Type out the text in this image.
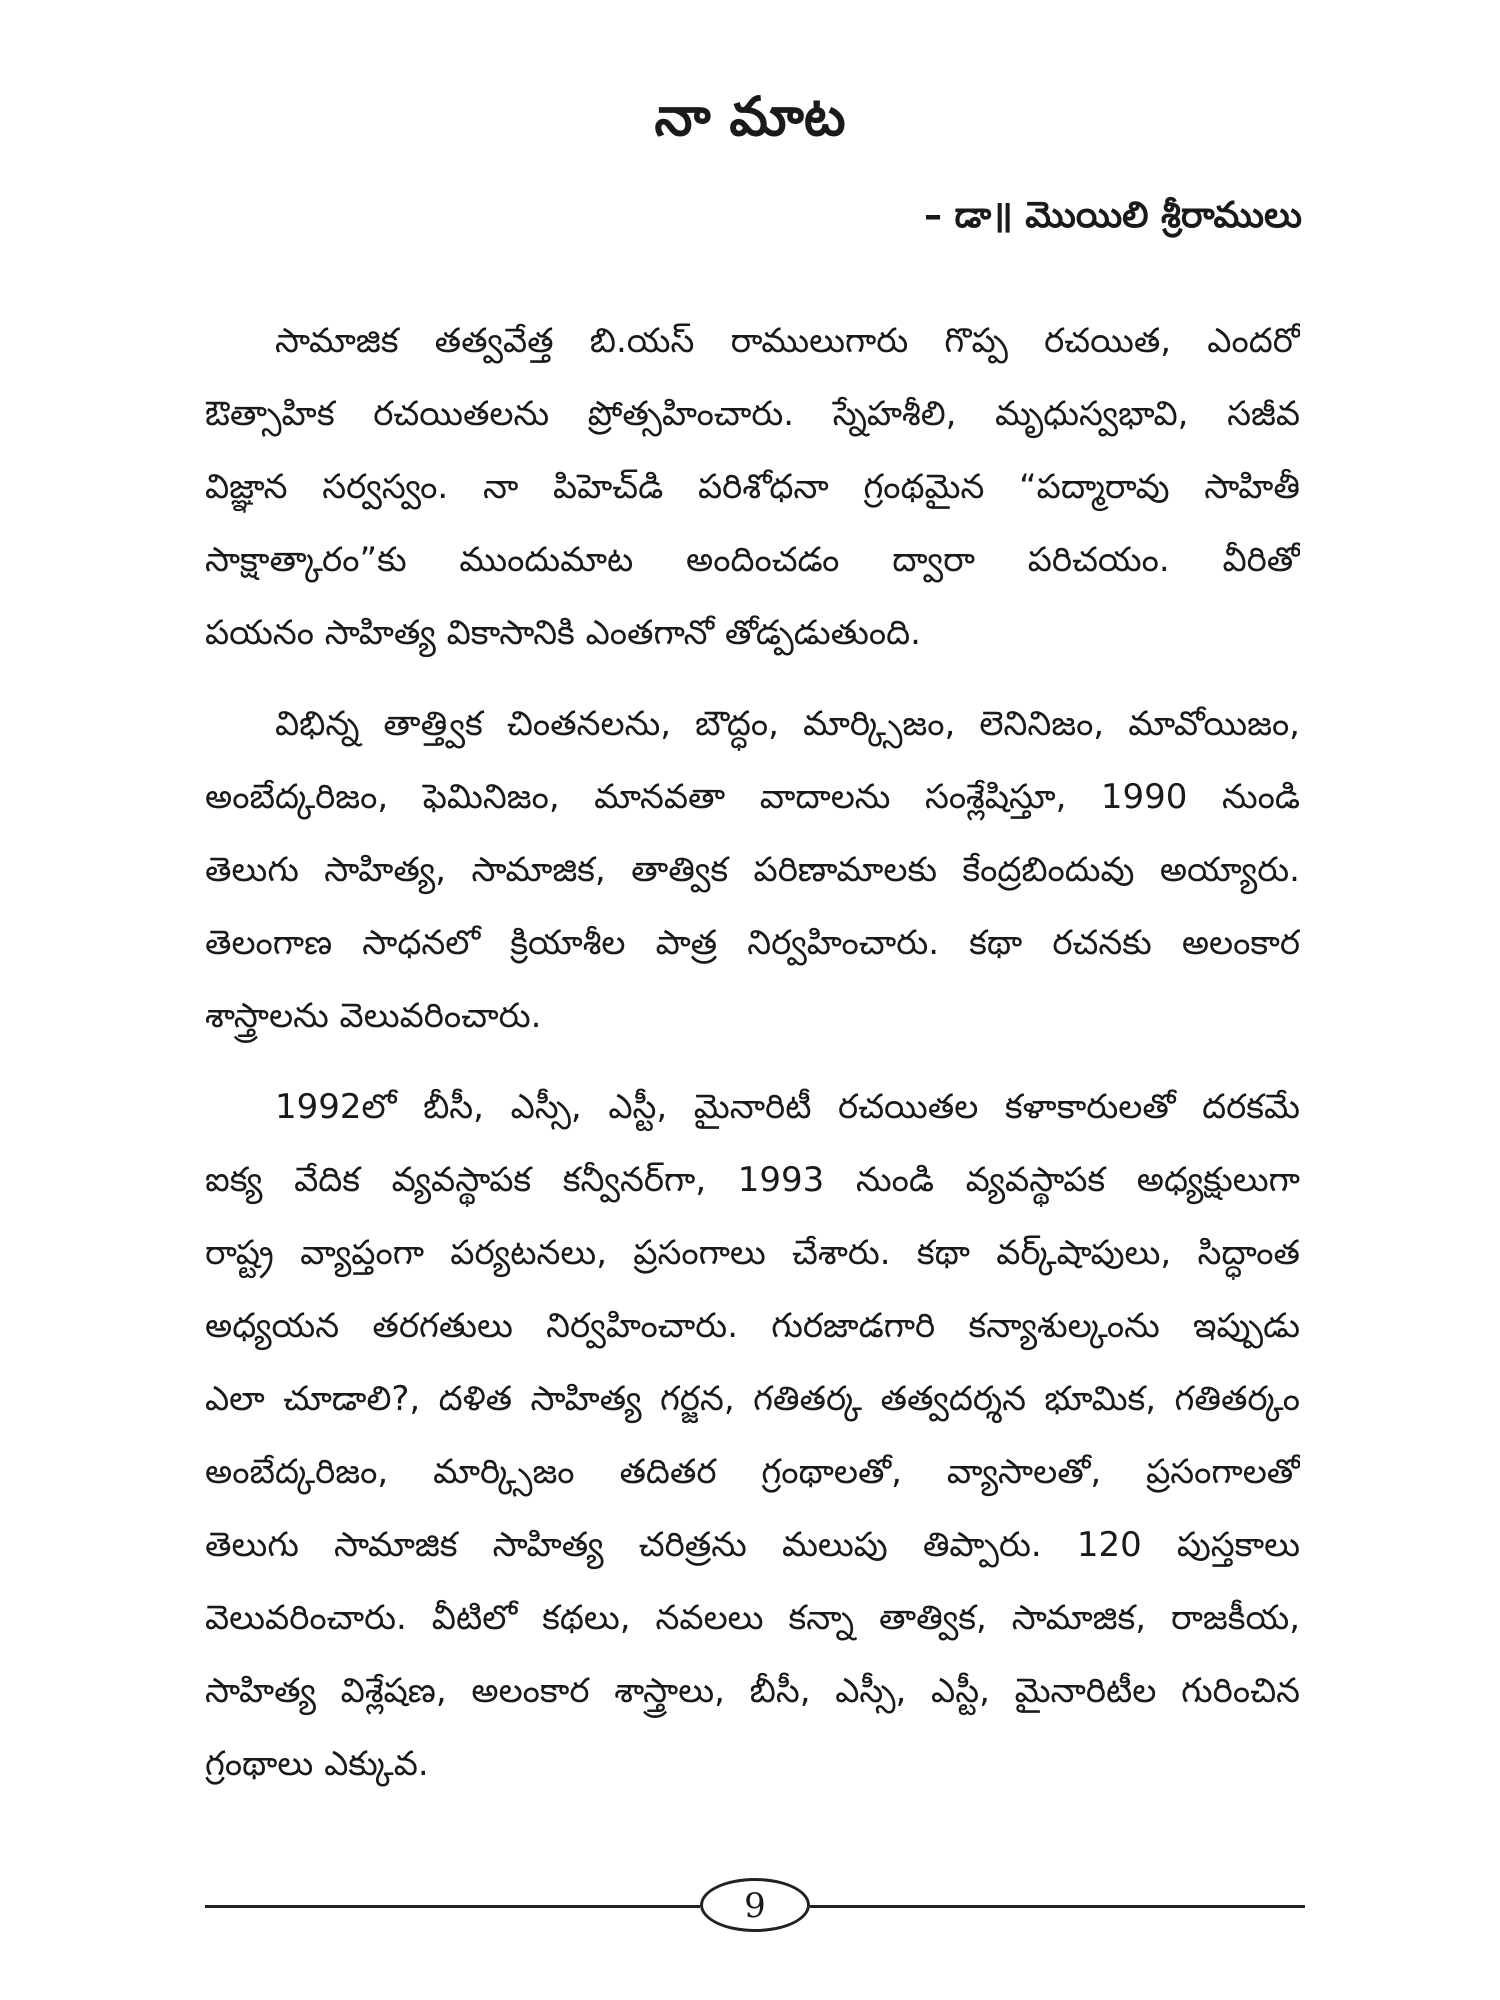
నా మాట
– డా॥ మొయిలి శ్రీరాములు
సామాజిక తత్వవేత్త బి.యస్ రాములుగారు గొప్ప రచయిత, ఎందరో
ఔత్సాహిక రచయితలను ప్రోత్సహించారు. స్నేహశీలి, మృధుస్వభావి, సజీవ
విజ్ఞాన సర్వస్వం. నా పిహెచ్‌డి పరిశోధనా గ్రంథమైన “పద్మారావు సాహితీ
సాక్షాత్కారం”కు ముందుమాట అందించడం ద్వారా పరిచయం. వీరితో
పయనం సాహిత్య వికాసానికి ఎంతగానో తోడ్పడుతుంది.
విభిన్న తాత్త్విక చింతనలను, బౌద్ధం, మార్క్సిజం, లెనినిజం, మావోయిజం,
అంబేద్కరిజం, ఫెమినిజం, మానవతా వాదాలను సంశ్లేషిస్తూ, 1990 నుండి
తెలుగు సాహిత్య, సామాజిక, తాత్విక పరిణామాలకు కేంద్రబిందువు అయ్యారు.
తెలంగాణ సాధనలో క్రియాశీల పాత్ర నిర్వహించారు. కథా రచనకు అలంకార
శాస్త్రాలను వెలువరించారు.
1992లో బీసీ, ఎస్సీ, ఎస్టీ, మైనారిటీ రచయితల కళాకారులతో దరకమే
ఐక్య వేదిక వ్యవస్థాపక కన్వీనర్‌గా, 1993 నుండి వ్యవస్థాపక అధ్యక్షులుగా
రాష్ట్ర వ్యాప్తంగా పర్యటనలు, ప్రసంగాలు చేశారు. కథా వర్క్‌షాపులు, సిద్ధాంత
అధ్యయన తరగతులు నిర్వహించారు. గురజాడగారి కన్యాశుల్కంను ఇప్పుడు
ఎలా చూడాలి?, దళిత సాహిత్య గర్జన, గతితర్క తత్వదర్శన భూమిక, గతితర్కం
అంబేద్కరిజం, మార్క్సిజం తదితర గ్రంథాలతో, వ్యాసాలతో, ప్రసంగాలతో
తెలుగు సామాజిక సాహిత్య చరిత్రను మలుపు తిప్పారు. 120 పుస్తకాలు
వెలువరించారు. వీటిలో కథలు, నవలలు కన్నా తాత్విక, సామాజిక, రాజకీయ,
సాహిత్య విశ్లేషణ, అలంకార శాస్త్రాలు, బీసీ, ఎస్సీ, ఎస్టీ, మైనారిటీల గురించిన
గ్రంథాలు ఎక్కువ.
9
